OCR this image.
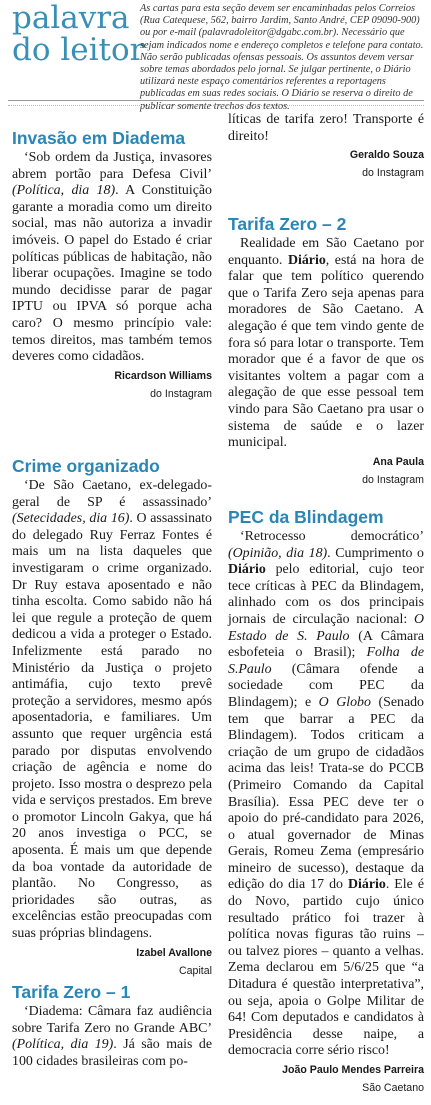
palavra
do leitor
As cartas para esta seção devem ser encaminhadas pelos Correios (Rua Catequese, 562, bairro Jardim, Santo André, CEP 09090-900) ou por e-mail (palavradoleitor@dgabc.com.br). Necessário que sejam indicados nome e endereço completos e telefone para contato. Não serão publicadas ofensas pessoais. Os assuntos devem versar sobre temas abordados pelo jornal. Se julgar pertinente, o Diário utilizará neste espaço comentários referentes a reportagens publicadas em suas redes sociais. O Diário se reserva o direito de publicar somente trechos dos textos.
Invasão em Diadema

‘Sob ordem da Justiça, invasores abrem portão para Defesa Civil’ (Política, dia 18). A Constituição garante a moradia como um direito social, mas não autoriza a invadir imóveis. O papel do Estado é criar políticas públicas de habitação, não liberar ocupações. Imagine se todo mundo decidisse parar de pagar IPTU ou IPVA só porque acha caro? O mesmo princípio vale: temos direitos, mas também temos deveres como cidadãos.

Ricardson Williams
do Instagram
Crime organizado

‘De São Caetano, ex-delegado-geral de SP é assassinado’ (Setecidades, dia 16). O assassinato do delegado Ruy Ferraz Fontes é mais um na lista daqueles que investigaram o crime organizado. Dr Ruy estava aposentado e não tinha escolta. Como sabido não há lei que regule a proteção de quem dedicou a vida a proteger o Estado. Infelizmente está parado no Ministério da Justiça o projeto antimáfia, cujo texto prevê proteção a servidores, mesmo após aposentadoria, e familiares. Um assunto que requer urgência está parado por disputas envolvendo criação de agência e nome do projeto. Isso mostra o desprezo pela vida e serviços prestados. Em breve o promotor Lincoln Gakya, que há 20 anos investiga o PCC, se aposenta. É mais um que depende da boa vontade da autoridade de plantão. No Congresso, as prioridades são outras, as excelências estão preocupadas com suas próprias blindagens.

Izabel Avallone
Capital
Tarifa Zero – 1

‘Diadema: Câmara faz audiência sobre Tarifa Zero no Grande ABC’ (Política, dia 19). Já são mais de 100 cidades brasileiras com po-

líticas de tarifa zero! Transporte é direito!

Geraldo Souza
do Instagram
Tarifa Zero – 2

Realidade em São Caetano por enquanto. Diário, está na hora de falar que tem político querendo que o Tarifa Zero seja apenas para moradores de São Caetano. A alegação é que tem vindo gente de fora só para lotar o transporte. Tem morador que é a favor de que os visitantes voltem a pagar com a alegação de que esse pessoal tem vindo para São Caetano pra usar o sistema de saúde e o lazer municipal.

Ana Paula
do Instagram
PEC da Blindagem

‘Retrocesso democrático’ (Opinião, dia 18). Cumprimento o Diário pelo editorial, cujo teor tece críticas à PEC da Blindagem, alinhado com os dos principais jornais de circulação nacional: O Estado de S. Paulo (A Câmara esbofeteia o Brasil); Folha de S.Paulo (Câmara ofende a sociedade com PEC da Blindagem); e O Globo (Senado tem que barrar a PEC da Blindagem). Todos criticam a criação de um grupo de cidadãos acima das leis! Trata-se do PCCB (Primeiro Comando da Capital Brasília). Essa PEC deve ter o apoio do pré-candidato para 2026, o atual governador de Minas Gerais, Romeu Zema (empresário mineiro de sucesso), destaque da edição do dia 17 do Diário. Ele é do Novo, partido cujo único resultado prático foi trazer à política novas figuras tão ruins – ou talvez piores – quanto a velhas. Zema declarou em 5/6/25 que “a Ditadura é questão interpretativa”, ou seja, apoia o Golpe Militar de 64! Com deputados e candidatos à Presidência desse naipe, a democracia corre sério risco!

João Paulo Mendes Parreira
São Caetano
